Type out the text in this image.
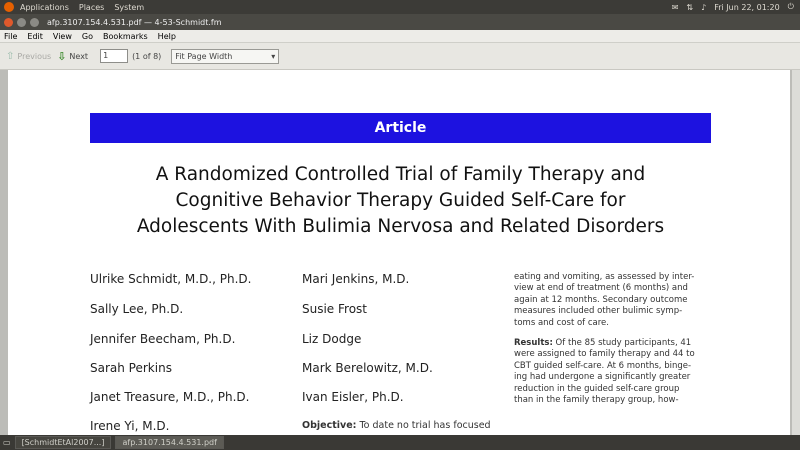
Applications Places System	✉ ⇅ ♪ Fri Jun 22, 01:20 ⏻
afp.3107.154.4.531.pdf — 4-53-Schmidt.fm
File Edit View Go Bookmarks Help
⇧ Previous ⇩ Next	1	(1 of 8) Fit Page Width	▾
Article
A Randomized Controlled Trial of Family Therapy and
Cognitive Behavior Therapy Guided Self-Care for
Adolescents With Bulimia Nervosa and Related Disorders
Ulrike Schmidt, M.D., Ph.D.
Sally Lee, Ph.D.
Jennifer Beecham, Ph.D.
Sarah Perkins
Janet Treasure, M.D., Ph.D.
Irene Yi, M.D.
Mari Jenkins, M.D.
Susie Frost
Liz Dodge
Mark Berelowitz, M.D.
Ivan Eisler, Ph.D.
Objective: To date no trial has focused
eating and vomiting, as assessed by inter-
view at end of treatment (6 months) and
again at 12 months. Secondary outcome
measures included other bulimic symp-
toms and cost of care.
Results: Of the 85 study participants, 41
were assigned to family therapy and 44 to
CBT guided self-care. At 6 months, binge-
ing had undergone a significantly greater
reduction in the guided self-care group
than in the family therapy group, how-
▭ [SchmidtEtAl2007...] afp.3107.154.4.531.pdf
